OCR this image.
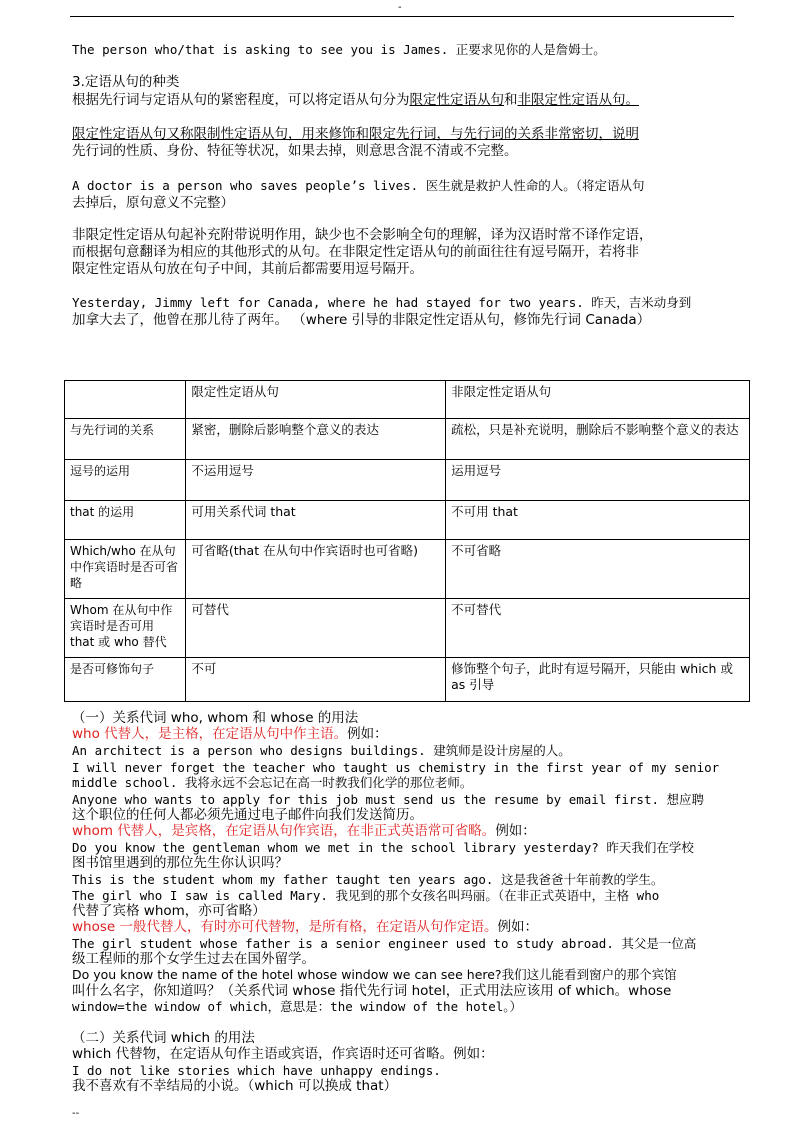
-
The person who/that is asking to see you is James. 正要求见你的人是詹姆士。
3.定语从句的种类
根据先行词与定语从句的紧密程度，可以将定语从句分为限定性定语从句和非限定性定语从句。
限定性定语从句又称限制性定语从句，用来修饰和限定先行词，与先行词的关系非常密切，说明
先行词的性质、身份、特征等状况，如果去掉，则意思含混不清或不完整。
A doctor is a person who saves people’s lives. 医生就是救护人性命的人。（将定语从句
去掉后，原句意义不完整）
非限定性定语从句起补充附带说明作用，缺少也不会影响全句的理解，译为汉语时常不译作定语，
而根据句意翻译为相应的其他形式的从句。在非限定性定语从句的前面往往有逗号隔开，若将非
限定性定语从句放在句子中间，其前后都需要用逗号隔开。
Yesterday, Jimmy left for Canada, where he had stayed for two years. 昨天，吉米动身到
加拿大去了，他曾在那儿待了两年。 （where 引导的非限定性定语从句，修饰先行词 Canada）
	限定性定语从句	非限定性定语从句
与先行词的关系	紧密，删除后影响整个意义的表达	疏松，只是补充说明，删除后不影响整个意义的表达
逗号的运用	不运用逗号	运用逗号
that 的运用	可用关系代词 that	不可用 that
Which/who 在从句中作宾语时是否可省略	可省略(that 在从句中作宾语时也可省略)	不可省略
Whom 在从句中作宾语时是否可用 that 或 who 替代	可替代	不可替代
是否可修饰句子	不可	修饰整个句子，此时有逗号隔开，只能由 which 或 as 引导
（一）关系代词 who, whom 和 whose 的用法
who 代替人，是主格，在定语从句中作主语。例如：
An architect is a person who designs buildings. 建筑师是设计房屋的人。
I will never forget the teacher who taught us chemistry in the first year of my senior
middle school. 我将永远不会忘记在高一时教我们化学的那位老师。
Anyone who wants to apply for this job must send us the resume by email first. 想应聘
这个职位的任何人都必须先通过电子邮件向我们发送简历。
whom 代替人，是宾格，在定语从句作宾语，在非正式英语常可省略。例如：
Do you know the gentleman whom we met in the school library yesterday? 昨天我们在学校
图书馆里遇到的那位先生你认识吗？
This is the student whom my father taught ten years ago. 这是我爸爸十年前教的学生。
The girl who I saw is called Mary. 我见到的那个女孩名叫玛丽。（在非正式英语中，主格 who
代替了宾格 whom，亦可省略）
whose 一般代替人，有时亦可代替物，是所有格，在定语从句作定语。例如：
The girl student whose father is a senior engineer used to study abroad. 其父是一位高
级工程师的那个女学生过去在国外留学。
Do you know the name of the hotel whose window we can see here?我们这儿能看到窗户的那个宾馆
叫什么名字，你知道吗？（关系代词 whose 指代先行词 hotel，正式用法应该用 of which。whose
window=the window of which，意思是：the window of the hotel。）
（二）关系代词 which 的用法
which 代替物，在定语从句作主语或宾语，作宾语时还可省略。例如：
I do not like stories which have unhappy endings.
我不喜欢有不幸结局的小说。（which 可以换成 that）
--
